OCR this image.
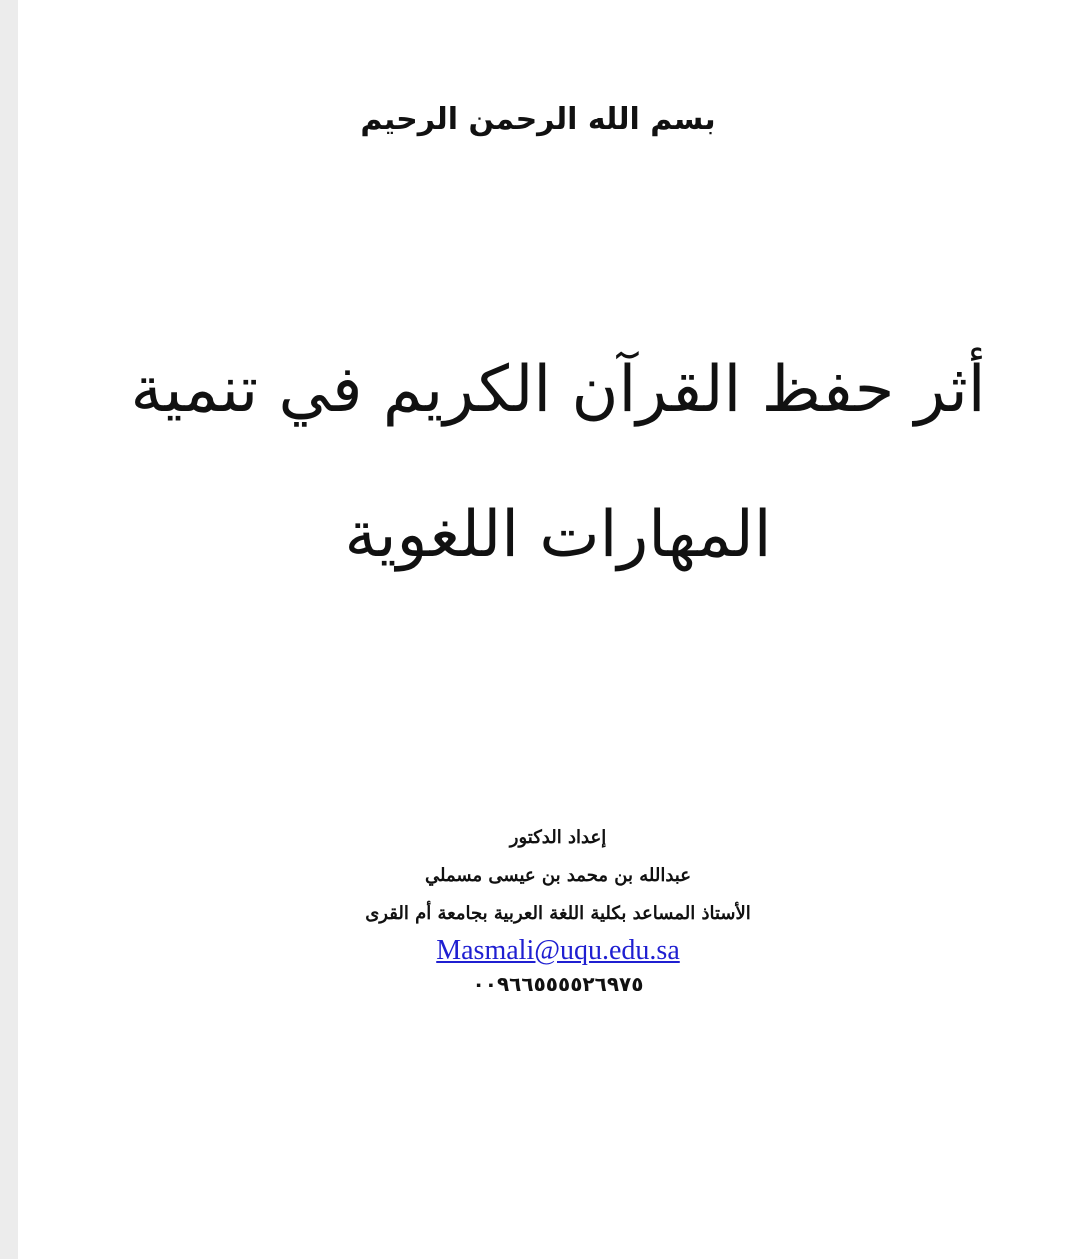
بسم الله الرحمن الرحيم
أثر حفظ القرآن الكريم في تنمية
المهارات اللغوية
إعداد الدكتور
عبدالله بن محمد بن عيسى مسملي
الأستاذ المساعد بكلية اللغة العربية بجامعة أم القرى
Masmali@uqu.edu.sa
٠٠٩٦٦٥٥٥٥٢٦٩٧٥
